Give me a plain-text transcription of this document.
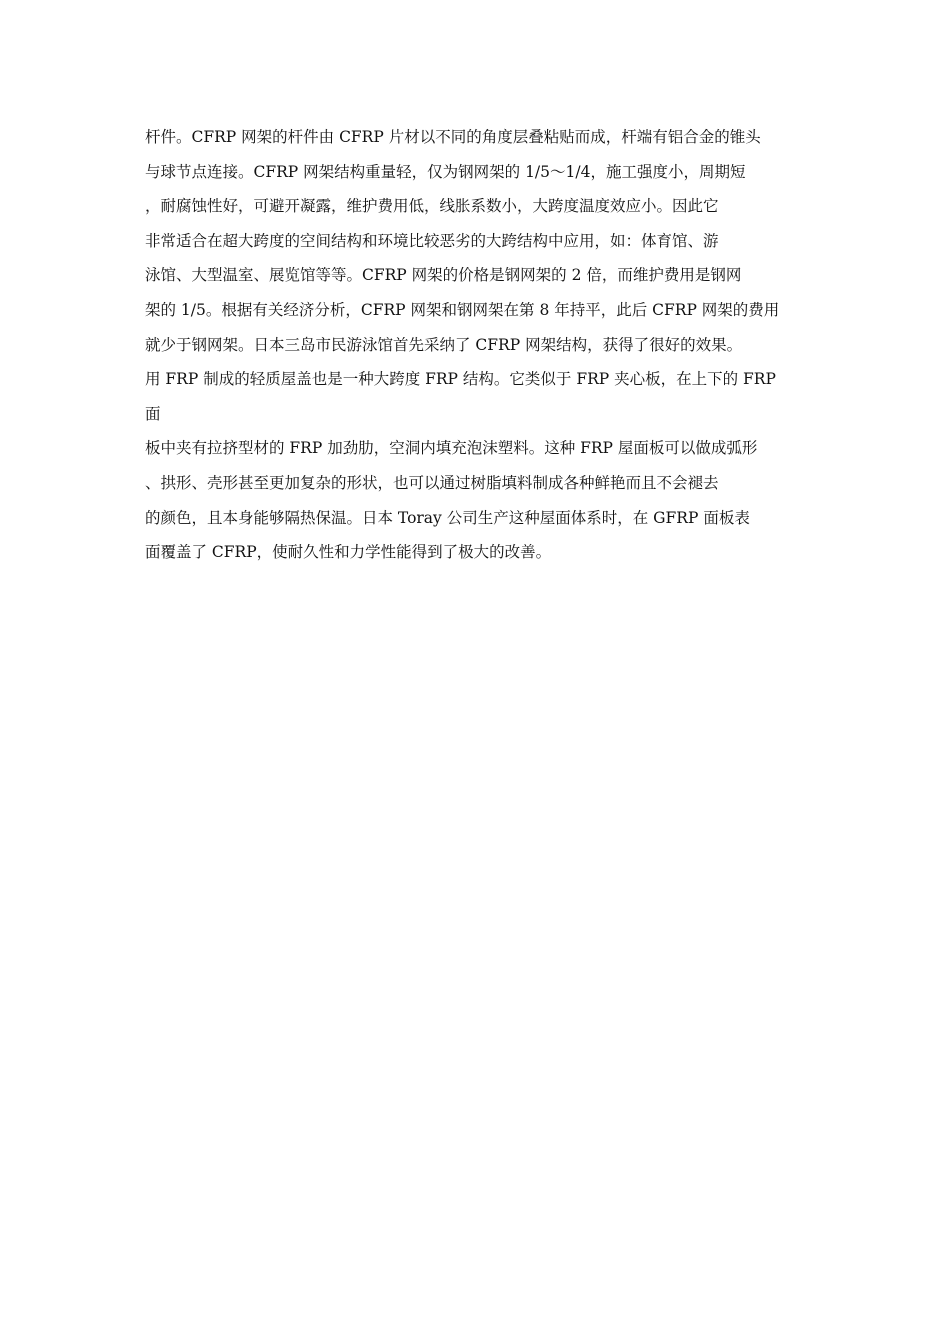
杆件。CFRP 网架的杆件由 CFRP 片材以不同的角度层叠粘贴而成，杆端有铝合金的锥头
与球节点连接。CFRP 网架结构重量轻，仅为钢网架的 1/5～1/4，施工强度小，周期短
，耐腐蚀性好，可避开凝露，维护费用低，线胀系数小，大跨度温度效应小。因此它
非常适合在超大跨度的空间结构和环境比较恶劣的大跨结构中应用，如：体育馆、游
泳馆、大型温室、展览馆等等。CFRP 网架的价格是钢网架的 2 倍，而维护费用是钢网
架的 1/5。根据有关经济分析，CFRP 网架和钢网架在第 8 年持平，此后 CFRP 网架的费用
就少于钢网架。日本三岛市民游泳馆首先采纳了 CFRP 网架结构，获得了很好的效果。
用 FRP 制成的轻质屋盖也是一种大跨度 FRP 结构。它类似于 FRP 夹心板，在上下的 FRP
面
板中夹有拉挤型材的 FRP 加劲肋，空洞内填充泡沫塑料。这种 FRP 屋面板可以做成弧形
、拱形、壳形甚至更加复杂的形状，也可以通过树脂填料制成各种鲜艳而且不会褪去
的颜色，且本身能够隔热保温。日本 Toray 公司生产这种屋面体系时，在 GFRP 面板表
面覆盖了 CFRP，使耐久性和力学性能得到了极大的改善。
